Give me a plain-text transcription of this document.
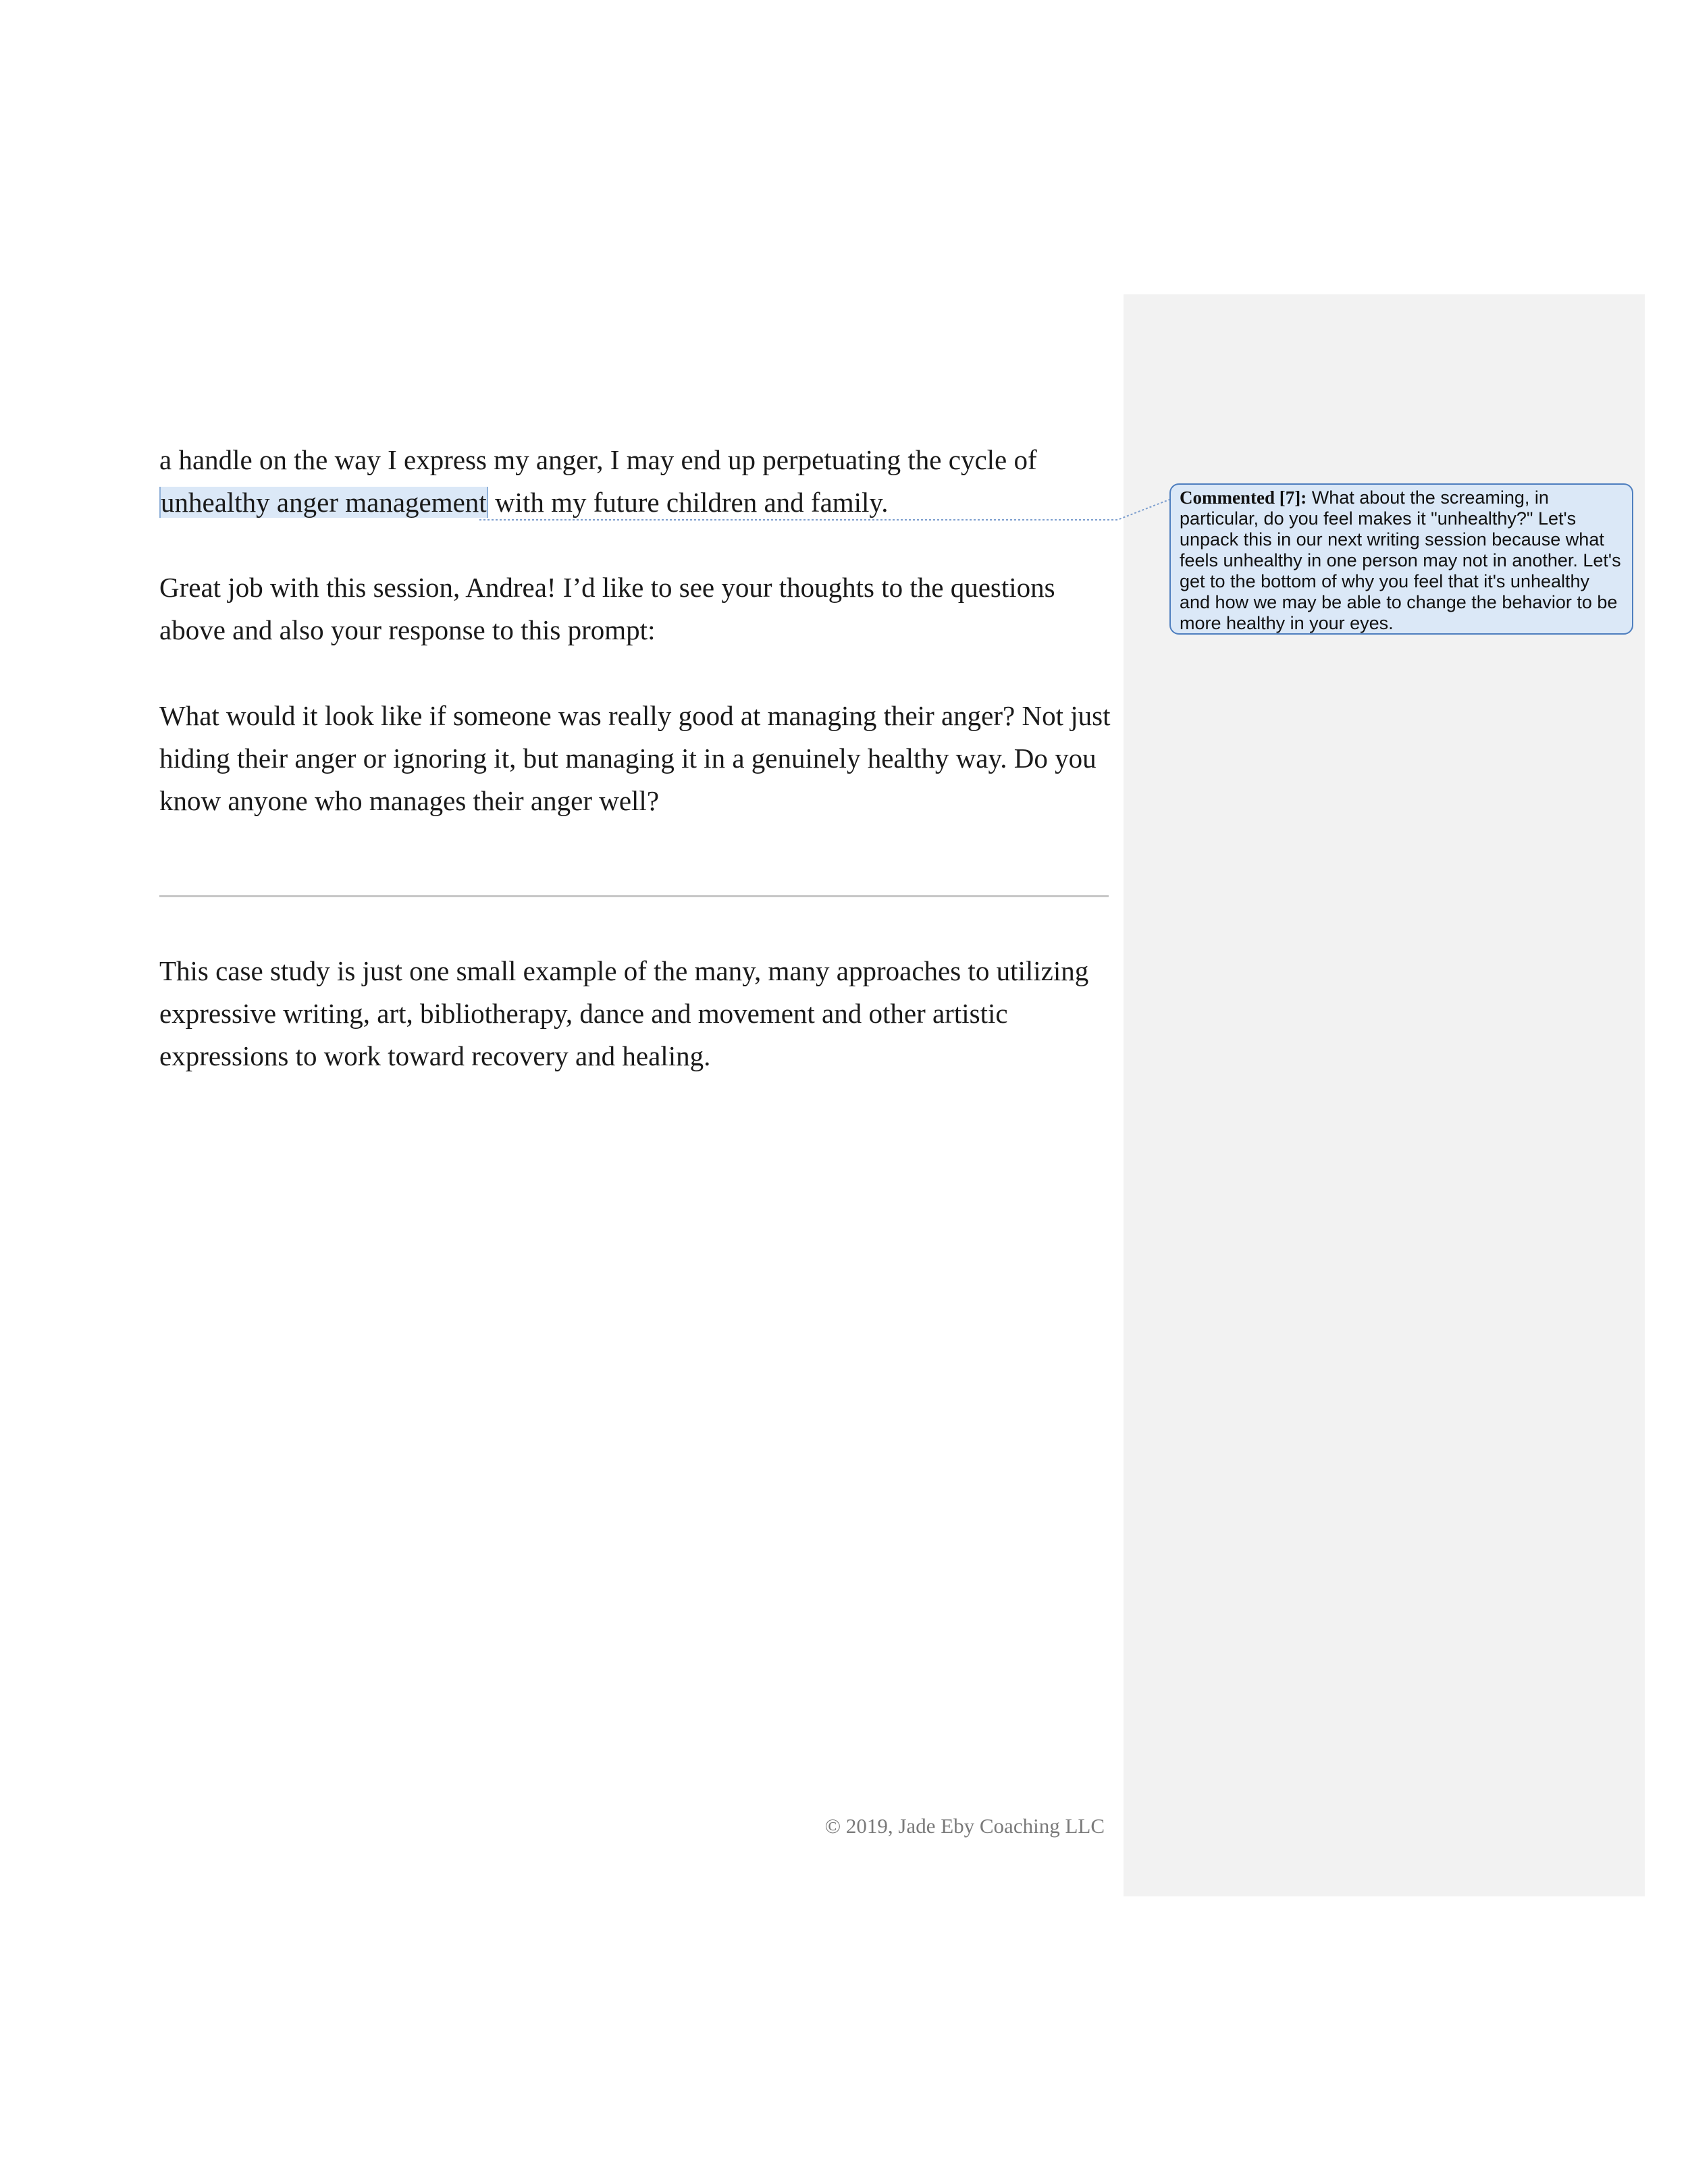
a handle on the way I express my anger, I may end up perpetuating the cycle of unhealthy anger management with my future children and family.

Great job with this session, Andrea! I’d like to see your thoughts to the questions above and also your response to this prompt:

What would it look like if someone was really good at managing their anger? Not just hiding their anger or ignoring it, but managing it in a genuinely healthy way. Do you know anyone who manages their anger well?

This case study is just one small example of the many, many approaches to utilizing expressive writing, art, bibliotherapy, dance and movement and other artistic expressions to work toward recovery and healing.

Commented [7]: What about the screaming, in particular, do you feel makes it "unhealthy?" Let's unpack this in our next writing session because what feels unhealthy in one person may not in another. Let's get to the bottom of why you feel that it's unhealthy and how we may be able to change the behavior to be more healthy in your eyes.
© 2019, Jade Eby Coaching LLC
